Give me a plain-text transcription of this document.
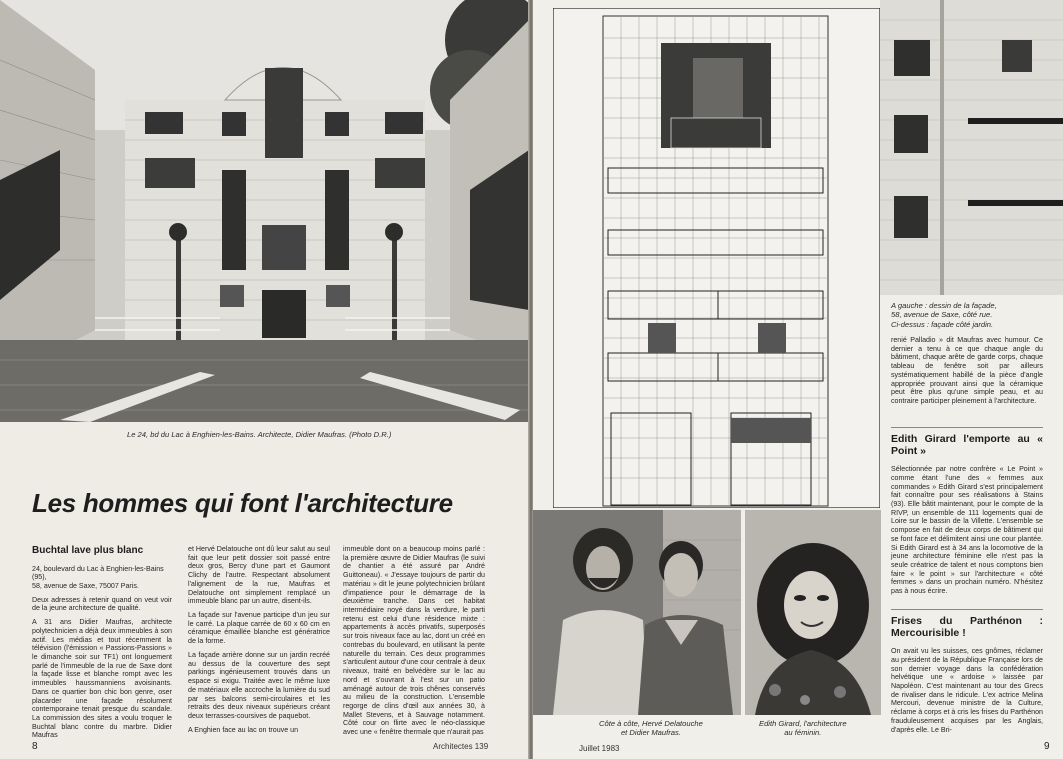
Le 24, bd du Lac à Enghien-les-Bains. Architecte, Didier Maufras. (Photo D.R.)
Les hommes qui font l'architecture
Buchtal lave plus blanc

24, boulevard du Lac à Enghien-les-Bains (95),

58, avenue de Saxe, 75007 Paris.

Deux adresses à retenir quand on veut voir de la jeune architecture de qualité.

A 31 ans Didier Maufras, architecte polytechnicien a déjà deux immeubles à son actif. Les médias et tout récemment la télévision (l'émission « Passions-Passions » le dimanche soir sur TF1) ont longuement parlé de l'immeuble de la rue de Saxe dont la façade lisse et blanche rompt avec les immeubles haussmanniens avoisinants. Dans ce quartier bon chic bon genre, oser placarder une façade résolument contemporaine tenait presque du scandale. La commission des sites a voulu troquer le Buchtal blanc contre du marbre. Didier Maufras

et Hervé Delatouche ont dû leur salut au seul fait que leur petit dossier soit passé entre deux gros, Bercy d'une part et Gaumont Clichy de l'autre. Respectant absolument l'alignement de la rue, Maufras et Delatouche ont simplement remplacé un immeuble blanc par un autre, disent-ils.

La façade sur l'avenue participe d'un jeu sur le carré. La plaque carrée de 60 x 60 cm en céramique émaillée blanche est génératrice de la forme.

La façade arrière donne sur un jardin recréé au dessus de la couverture des sept parkings ingénieusement trouvés dans un espace si exigu. Traitée avec le même luxe de matériaux elle accroche la lumière du sud par ses balcons semi-circulaires et les retraits des deux niveaux supérieurs créant deux terrasses-coursives de paquebot.

A Enghien face au lac on trouve un

immeuble dont on a beaucoup moins parlé : la première œuvre de Didier Maufras (le suivi de chantier a été assuré par André Guittoneau). « J'essaye toujours de partir du matériau » dit le jeune polytechnicien brûlant d'impatience pour le démarrage de la deuxième tranche. Dans cet habitat intermédiaire noyé dans la verdure, le parti retenu est celui d'une résidence mixte : appartements à accès privatifs, superposés sur trois niveaux face au lac, dont un créé en contrebas du boulevard, en utilisant la pente naturelle du terrain. Ces deux programmes s'articulent autour d'une cour centrale à deux niveaux, traité en belvédère sur le lac au nord et s'ouvrant à l'est sur un patio aménagé autour de trois chênes conservés au milieu de la construction. L'ensemble regorge de clins d'œil aux années 30, à Mallet Stevens, et à Sauvage notamment. Côté cour on flirte avec le néo-classique avec une « fenêtre thermale que n'aurait pas

8	Architectes 139
A gauche : dessin de la façade,
58, avenue de Saxe, côté rue.
Ci-dessus : façade côté jardin.
Côte à côte, Hervé Delatouche
et Didier Maufras.
Edith Girard, l'architecture
au féminin.

renié Palladio » dit Maufras avec humour. Ce dernier a tenu à ce que chaque angle du bâtiment, chaque arête de garde corps, chaque tableau de fenêtre soit par ailleurs systématiquement habillé de la pièce d'angle appropriée prouvant ainsi que la céramique peut être plus qu'une simple peau, et au contraire participer pleinement à l'architecture.

Edith Girard l'emporte au « Point »

Sélectionnée par notre confrère « Le Point » comme étant l'une des « femmes aux commandes » Edith Girard s'est principalement fait connaître pour ses réalisations à Stains (93). Elle bâtit maintenant, pour le compte de la RIVP, un ensemble de 111 logements quai de Loire sur le bassin de la Villette. L'ensemble se compose en fait de deux corps de bâtiment qui se font face et délimitent ainsi une cour plantée. Si Edith Girard est à 34 ans la locomotive de la jeune architecture féminine elle n'est pas la seule créatrice de talent et nous comptons bien faire « le point » sur l'architecture « côté femmes » dans un prochain numéro. N'hésitez pas à nous écrire.

Frises du Parthénon : Mercourisible !

On avait vu les suisses, ces gnômes, réclamer au président de la République Française lors de son dernier voyage dans la confédération helvétique une « ardoise » laissée par Napoléon. C'est maintenant au tour des Grecs de rivaliser dans le ridicule. L'ex actrice Melina Mercouri, devenue ministre de la Culture, réclame à corps et à cris les frises du Parthénon frauduleusement acquises par les Anglais, d'après elle. Le Bri-

Juillet 1983	9
